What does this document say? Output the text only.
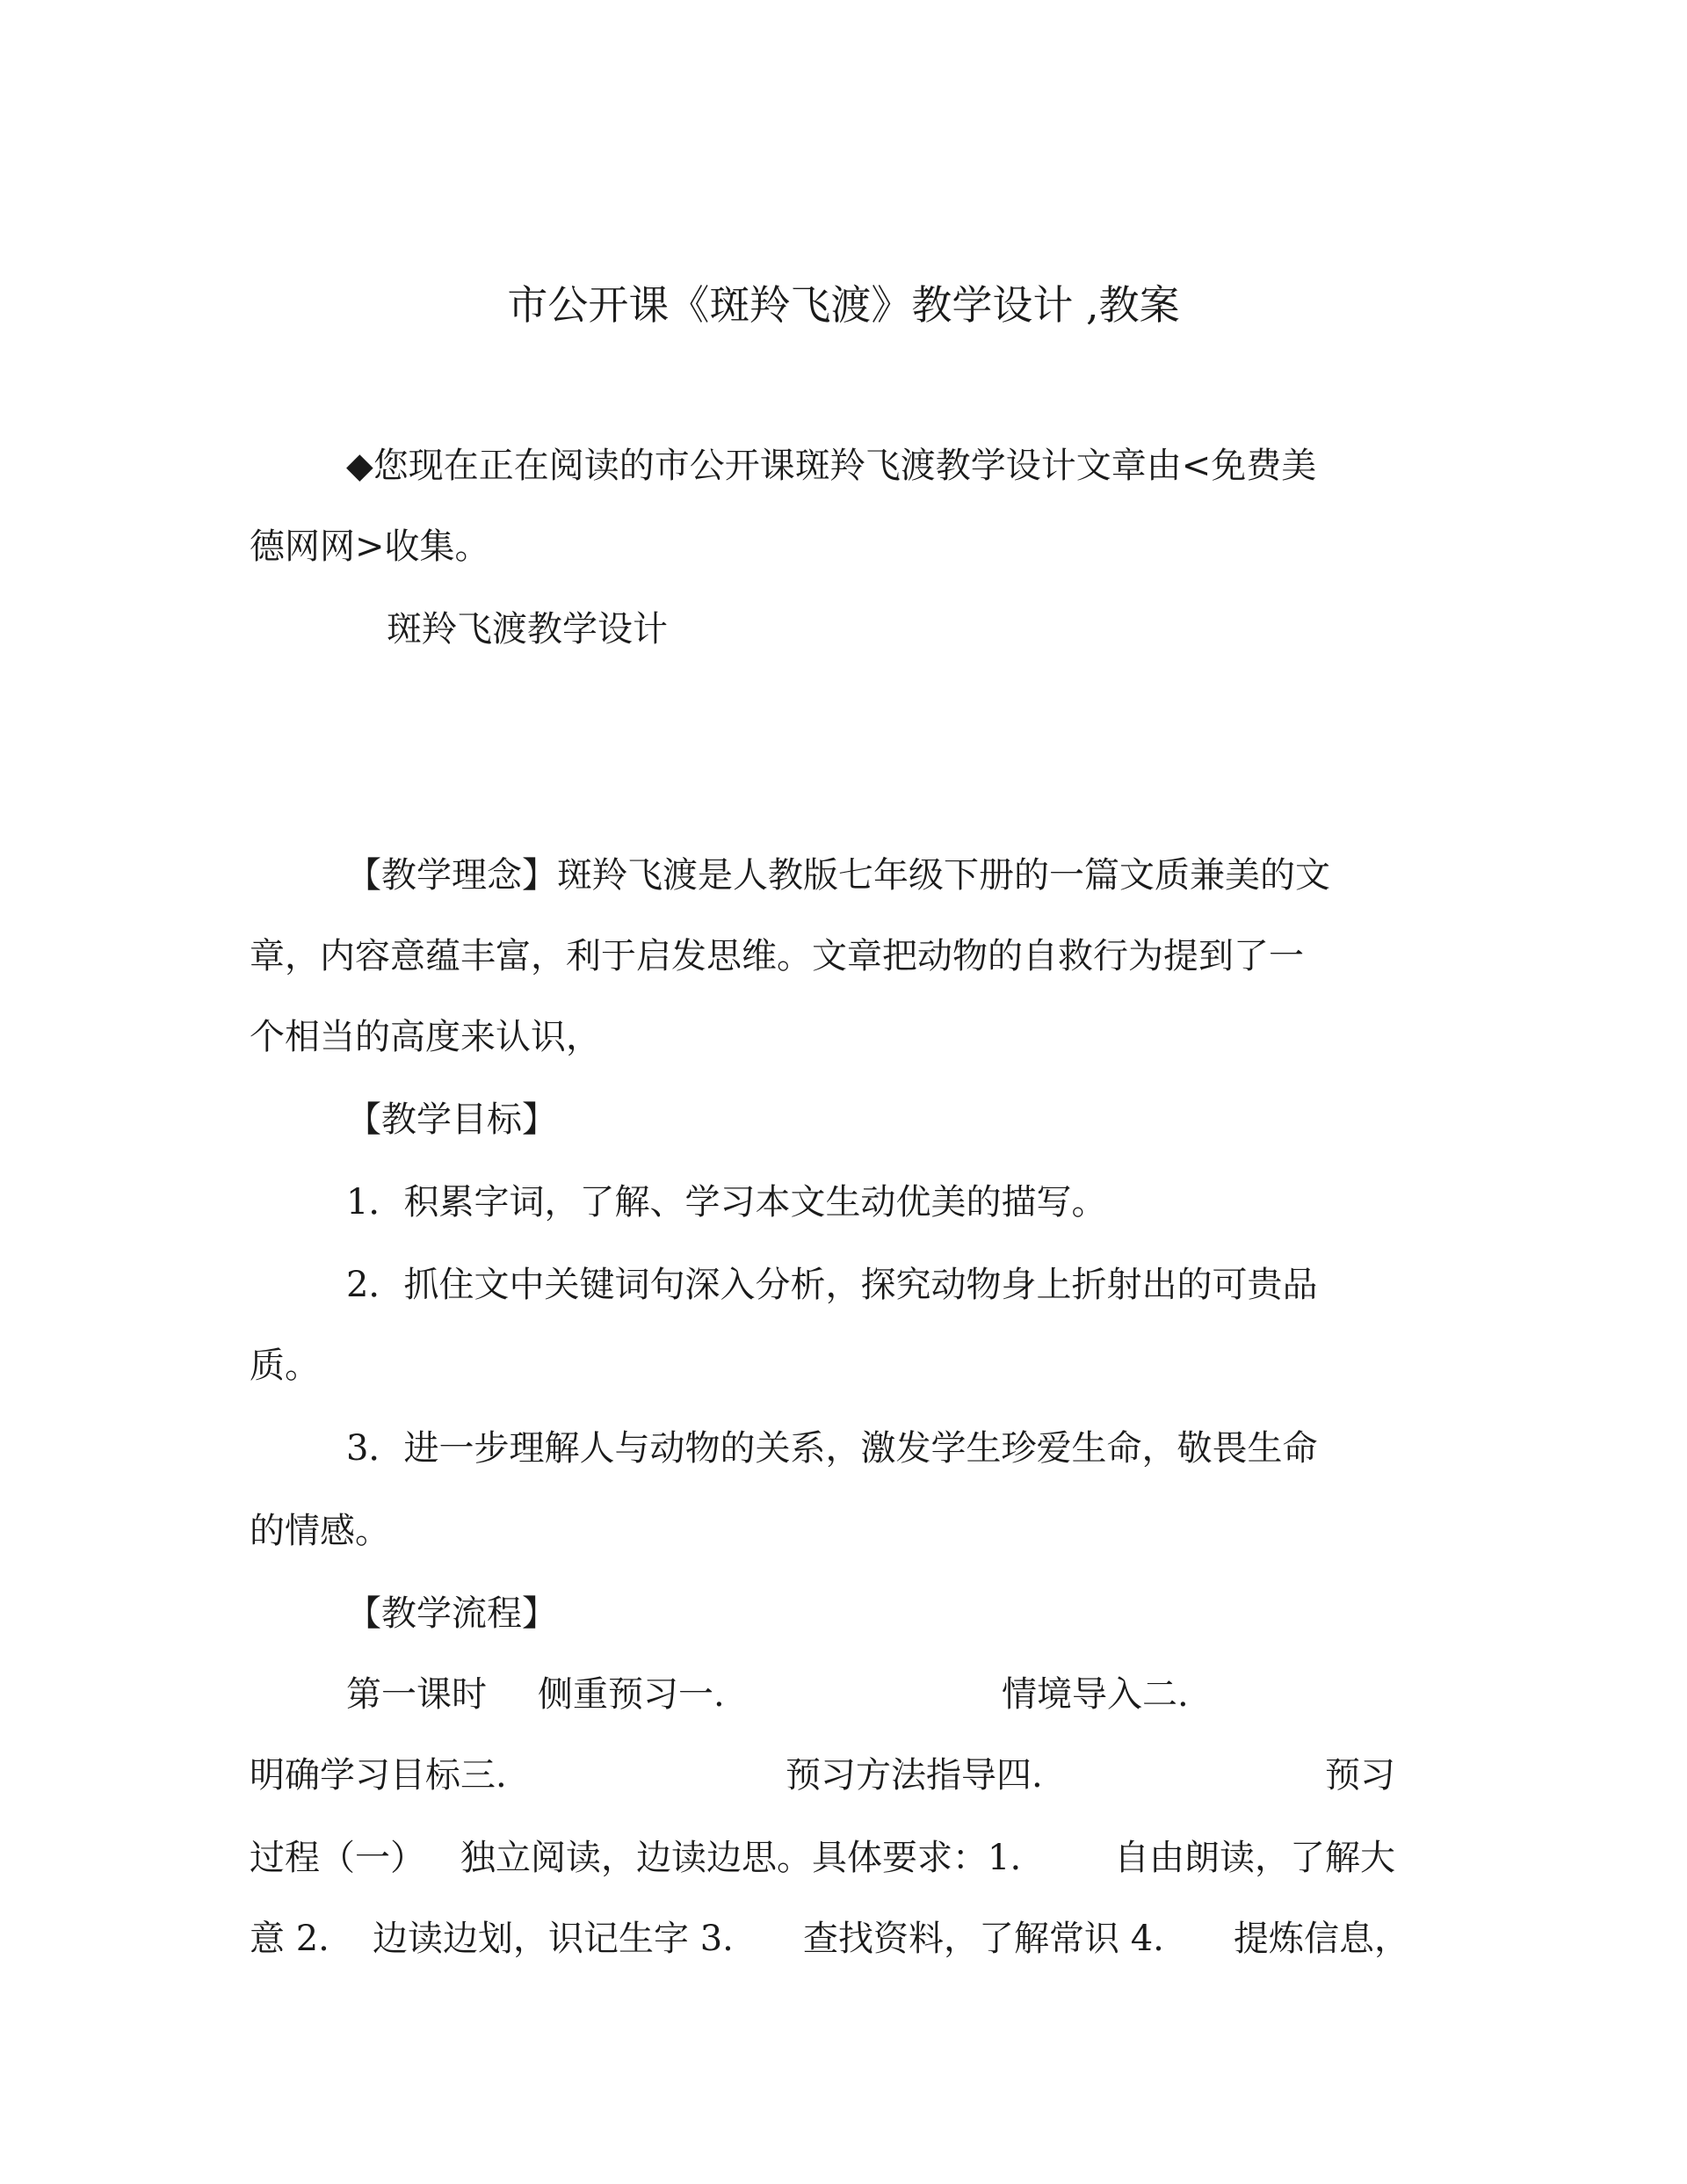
市公开课《斑羚飞渡》教学设计 ,教案
◆您现在正在阅读的市公开课斑羚飞渡教学设计文章由<免费美
德网网>收集。
斑羚飞渡教学设计
【教学理念】斑羚飞渡是人教版七年级下册的一篇文质兼美的文
章，内容意蕴丰富，利于启发思维。文章把动物的自救行为提到了一
个相当的高度来认识，
【教学目标】
1．积累字词，了解、学习本文生动优美的描写。
2．抓住文中关键词句深入分析，探究动物身上折射出的可贵品
质。
3．进一步理解人与动物的关系，激发学生珍爱生命，敬畏生命
的情感。
【教学流程】
第一课时 侧重预习一.	情境导入二.
明确学习目标三.	预习方法指导四.	预习
过程（一） 独立阅读，边读边思。具体要求：1.	自由朗读，了解大
意 2. 边读边划，识记生字 3. 查找资料，了解常识 4. 提炼信息，
